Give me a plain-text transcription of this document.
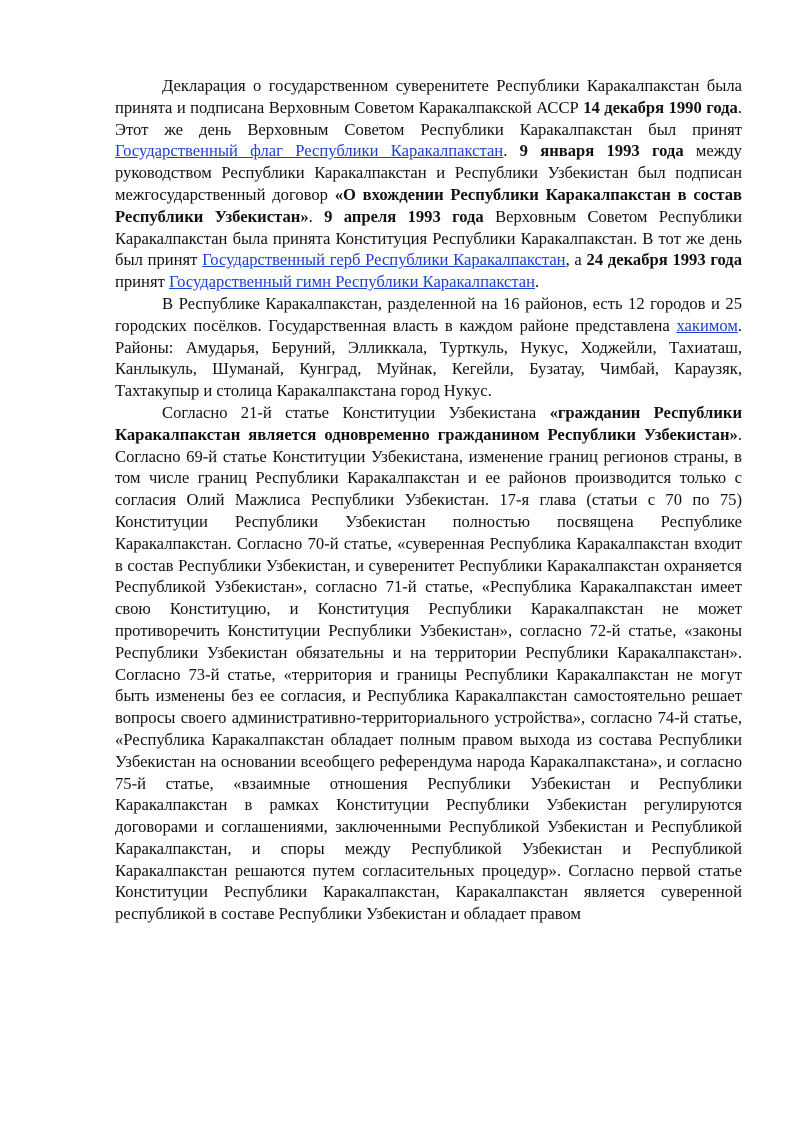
Декларация о государственном суверенитете Республики Каракалпакстан была принята и подписана Верховным Советом Каракалпакской АССР 14 декабря 1990 года. Этот же день Верховным Советом Республики Каракалпакстан был принят Государственный флаг Республики Каракалпакстан. 9 января 1993 года между руководством Республики Каракалпакстан и Республики Узбекистан был подписан межгосударственный договор «О вхождении Республики Каракалпакстан в состав Республики Узбекистан». 9 апреля 1993 года Верховным Советом Республики Каракалпакстан была принята Конституция Республики Каракалпакстан. В тот же день был принят Государственный герб Республики Каракалпакстан, а 24 декабря 1993 года принят Государственный гимн Республики Каракалпакстан.

В Республике Каракалпакстан, разделенной на 16 районов, есть 12 городов и 25 городских посёлков. Государственная власть в каждом районе представлена хакимом. Районы: Амударья, Беруний, Элликкала, Турткуль, Нукус, Ходжейли, Тахиаташ, Канлыкуль, Шуманай, Кунград, Муйнак, Кегейли, Бузатау, Чимбай, Караузяк, Тахтакупыр и столица Каракалпакстана город Нукус.

Согласно 21-й статье Конституции Узбекистана «гражданин Республики Каракалпакстан является одновременно гражданином Республики Узбекистан». Согласно 69-й статье Конституции Узбекистана, изменение границ регионов страны, в том числе границ Республики Каракалпакстан и ее районов производится только с согласия Олий Мажлиса Республики Узбекистан. 17-я глава (статьи с 70 по 75) Конституции Республики Узбекистан полностью посвящена Республике Каракалпакстан. Согласно 70-й статье, «суверенная Республика Каракалпакстан входит в состав Республики Узбекистан, и суверенитет Республики Каракалпакстан охраняется Республикой Узбекистан», согласно 71-й статье, «Республика Каракалпакстан имеет свою Конституцию, и Конституция Республики Каракалпакстан не может противоречить Конституции Республики Узбекистан», согласно 72-й статье, «законы Республики Узбекистан обязательны и на территории Республики Каракалпакстан». Согласно 73-й статье, «территория и границы Республики Каракалпакстан не могут быть изменены без ее согласия, и Республика Каракалпакстан самостоятельно решает вопросы своего административно-территориального устройства», согласно 74-й статье, «Республика Каракалпакстан обладает полным правом выхода из состава Республики Узбекистан на основании всеобщего референдума народа Каракалпакстана», и согласно 75-й статье, «взаимные отношения Республики Узбекистан и Республики Каракалпакстан в рамках Конституции Республики Узбекистан регулируются договорами и соглашениями, заключенными Республикой Узбекистан и Республикой Каракалпакстан, и споры между Республикой Узбекистан и Республикой Каракалпакстан решаются путем согласительных процедур». Согласно первой статье Конституции Республики Каракалпакстан, Каракалпакстан является суверенной республикой в составе Республики Узбекистан и обладает правом
